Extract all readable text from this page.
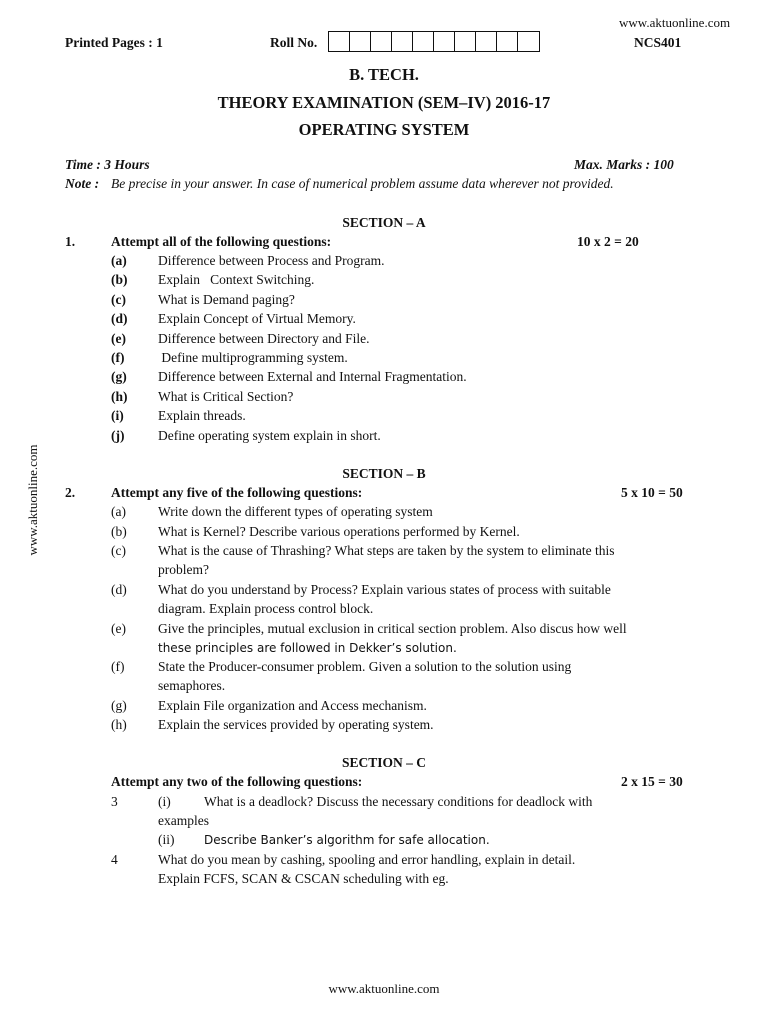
www.aktuonline.com
Printed Pages : 1	Roll No.	NCS401
B. TECH.
THEORY EXAMINATION (SEM–IV) 2016-17
OPERATING SYSTEM
Time : 3 Hours	Max. Marks : 100
Note : Be precise in your answer. In case of numerical problem assume data wherever not provided.
SECTION – A
1.	Attempt all of the following questions:	10 x 2 = 20
(a) Difference between Process and Program.
(b) Explain   Context Switching.
(c) What is Demand paging?
(d) Explain Concept of Virtual Memory.
(e) Difference between Directory and File.
(f) Define multiprogramming system.
(g) Difference between External and Internal Fragmentation.
(h) What is Critical Section?
(i)	Explain threads.
(j) Define operating system explain in short.
SECTION – B
2.	Attempt any five of the following questions:	5 x 10 = 50
(a) Write down the different types of operating system
(b) What is Kernel? Describe various operations performed by Kernel.
(c) What is the cause of Thrashing? What steps are taken by the system to eliminate this
problem?
(d) What do you understand by Process? Explain various states of process with suitable
diagram. Explain process control block.
(e) Give the principles, mutual exclusion in critical section problem. Also discus how well
these principles are followed in Dekker’s solution.
(f) State the Producer-consumer problem. Given a solution to the solution using
semaphores.
(g) Explain File organization and Access mechanism.
(h) Explain the services provided by operating system.
SECTION – C
Attempt any two of the following questions:	2 x 15 = 30
3	(i) What is a deadlock? Discuss the necessary conditions for deadlock with
examples
(ii) Describe Banker’s algorithm for safe allocation.
4	What do you mean by cashing, spooling and error handling, explain in detail.
Explain FCFS, SCAN & CSCAN scheduling with eg.
www.aktuonline.com
www.aktuonline.com
